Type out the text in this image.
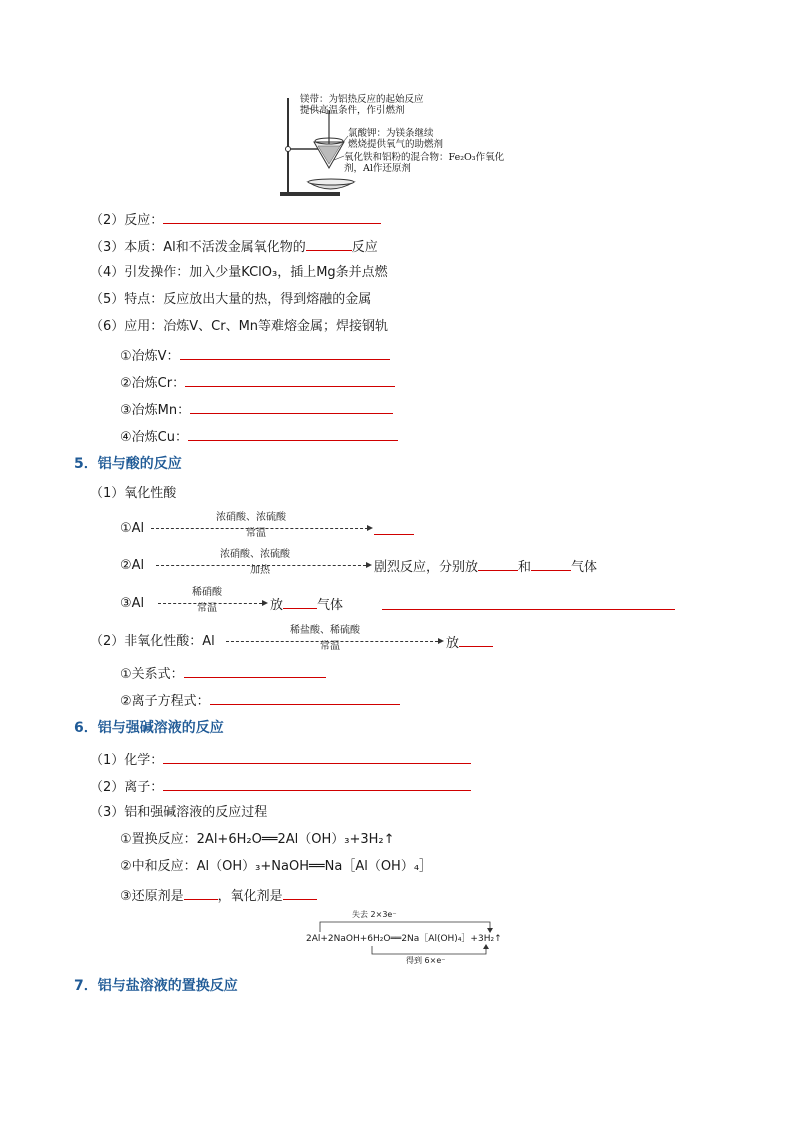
镁带：为铝热反应的起始反应
提供高温条件，作引燃剂
氯酸钾：为镁条继续
燃烧提供氧气的助燃剂
氧化铁和铝粉的混合物：Fe₂O₃作氧化
剂，Al作还原剂
（2）反应：
（3）本质：Al和不活泼金属氧化物的	反应
（4）引发操作：加入少量KClO₃，插上Mg条并点燃
（5）特点：反应放出大量的热，得到熔融的金属
（6）应用：冶炼V、Cr、Mn等难熔金属；焊接钢轨
①冶炼V：
②冶炼Cr：
③冶炼Mn：
④冶炼Cu：
5．铝与酸的反应
（1）氧化性酸
①Al
浓硝酸、浓硫酸
常温
②Al
浓硝酸、浓硫酸
加热	剧烈反应，分别放	和	气体
③Al
稀硝酸
常温	放	气体
（2）非氧化性酸：Al
稀盐酸、稀硫酸
常温	放
①关系式：
②离子方程式：
6．铝与强碱溶液的反应
（1）化学：
（2）离子：
（3）铝和强碱溶液的反应过程
①置换反应：2Al+6H₂O══2Al（OH）₃+3H₂↑
②中和反应：Al（OH）₃+NaOH══Na［Al（OH）₄］
③还原剂是	，氧化剂是
失去 2×3e⁻
2Al+2NaOH+6H₂O══2Na［Al(OH)₄］+3H₂↑
得到 6×e⁻
7．铝与盐溶液的置换反应
